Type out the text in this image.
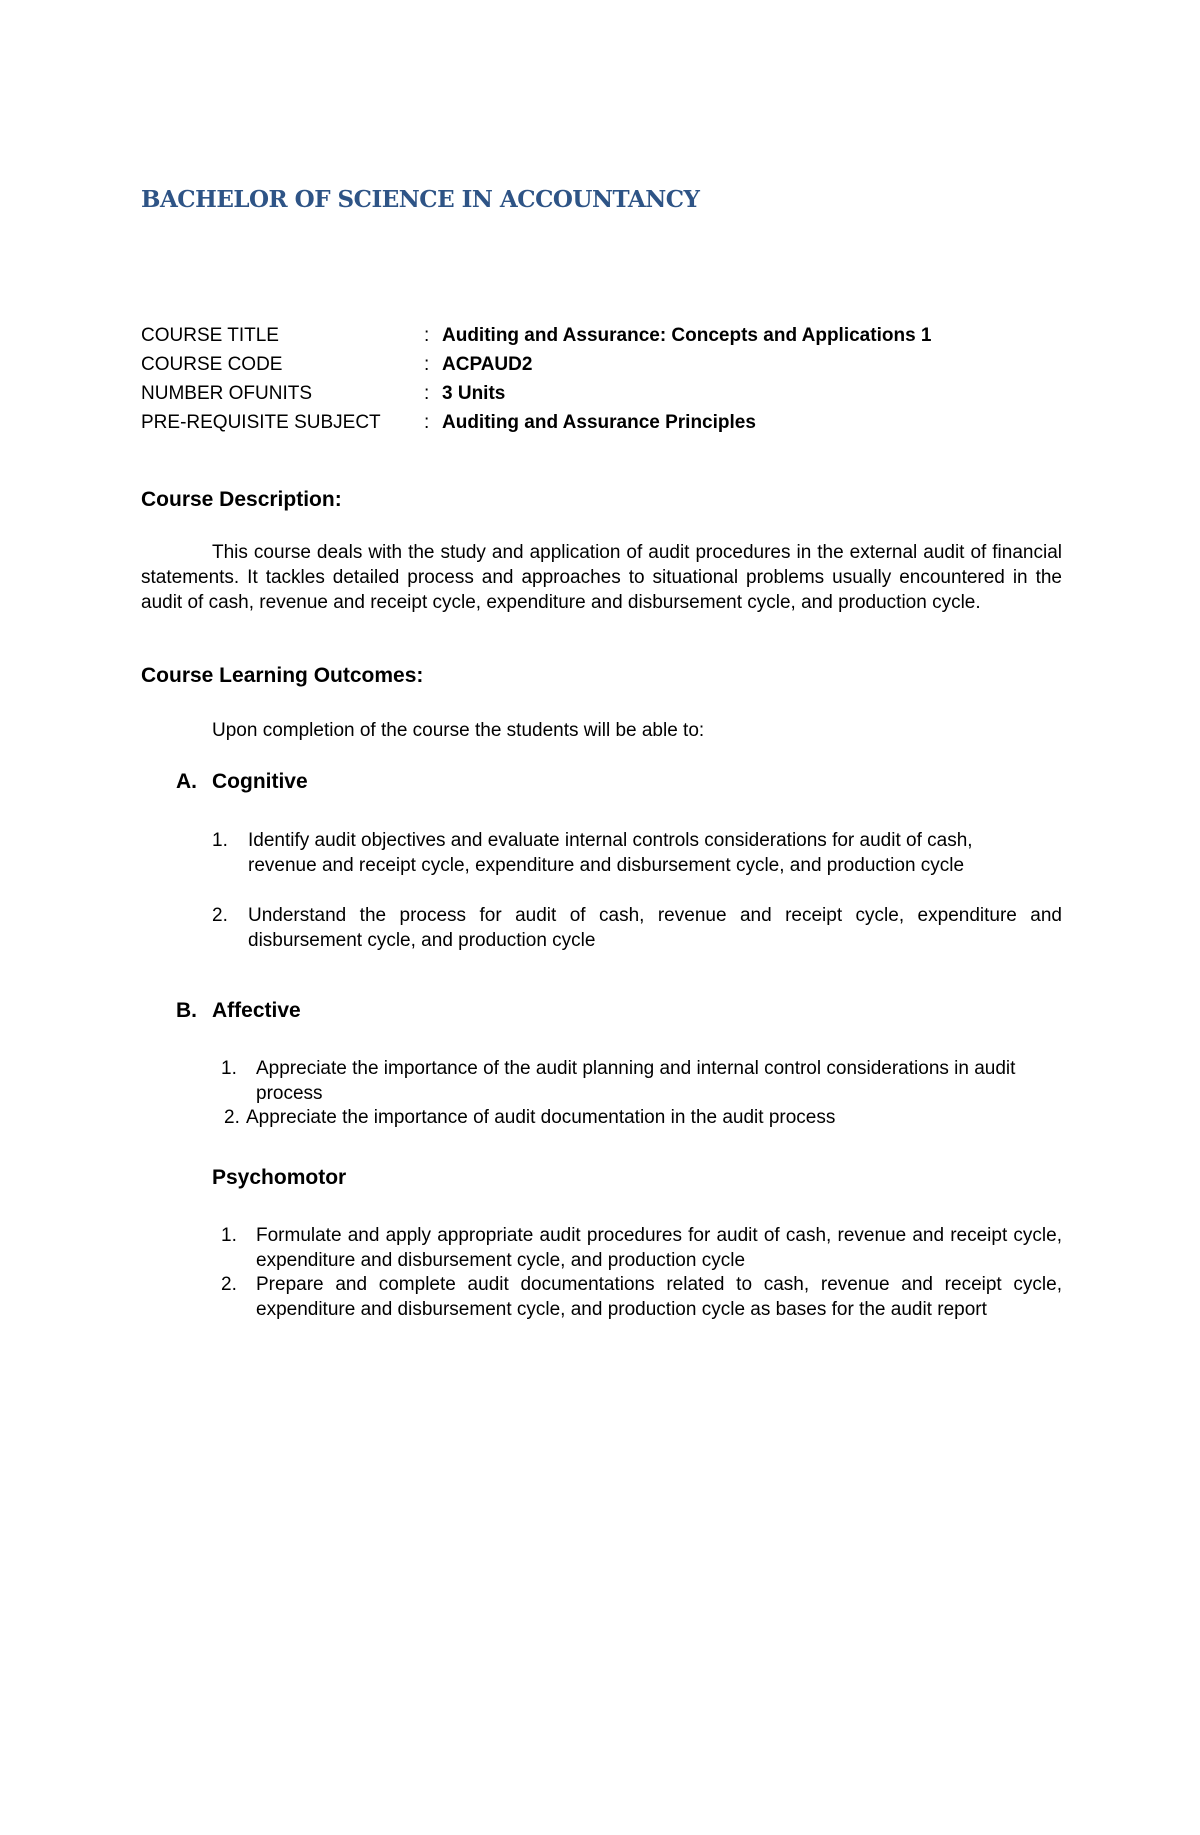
BACHELOR OF SCIENCE IN ACCOUNTANCY
COURSE TITLE	: Auditing and Assurance: Concepts and Applications 1
COURSE CODE	: ACPAUD2
NUMBER OFUNITS	: 3 Units
PRE-REQUISITE SUBJECT : Auditing and Assurance Principles
Course Description:
This course deals with the study and application of audit procedures in the external audit of financial statements. It tackles detailed process and approaches to situational problems usually encountered in the audit of cash, revenue and receipt cycle, expenditure and disbursement cycle, and production cycle.
Course Learning Outcomes:
Upon completion of the course the students will be able to:
A. Cognitive
1. Identify audit objectives and evaluate internal controls considerations for audit of cash, revenue and receipt cycle, expenditure and disbursement cycle, and production cycle
2. Understand the process for audit of cash, revenue and receipt cycle, expenditure and disbursement cycle, and production cycle
B. Affective
1. Appreciate the importance of the audit planning and internal control considerations in audit process
2. Appreciate the importance of audit documentation in the audit process
Psychomotor
1. Formulate and apply appropriate audit procedures for audit of cash, revenue and receipt cycle, expenditure and disbursement cycle, and production cycle
2. Prepare and complete audit documentations related to cash, revenue and receipt cycle, expenditure and disbursement cycle, and production cycle as bases for the audit report
